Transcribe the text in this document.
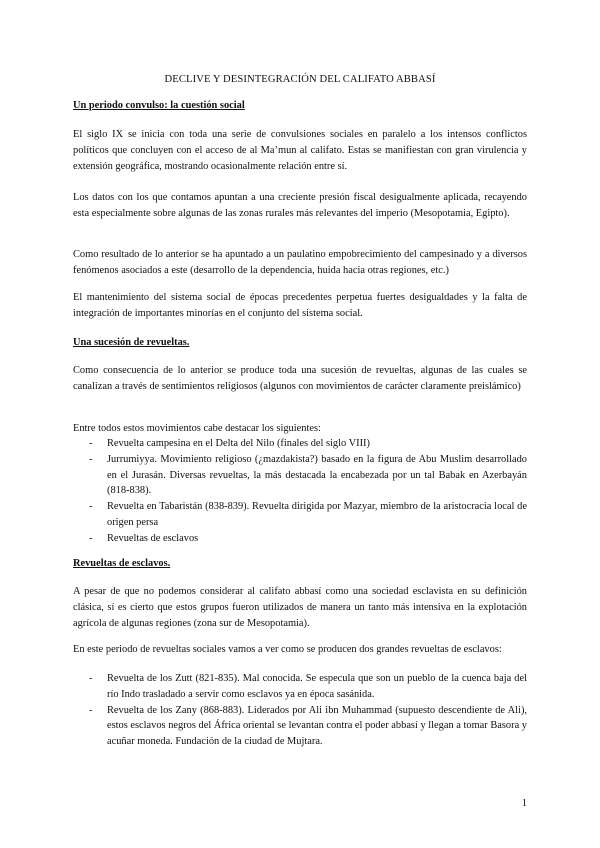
DECLIVE Y DESINTEGRACIÓN DEL CALIFATO ABBASÍ
Un periodo convulso: la cuestión social

El siglo IX se inicia con toda una serie de convulsiones sociales en paralelo a los intensos conflictos políticos que concluyen con el acceso de al Ma’mun al califato. Estas se manifiestan con gran virulencia y extensión geográfica, mostrando ocasionalmente relación entre sí.

Los datos con los que contamos apuntan a una creciente presión fiscal desigualmente aplicada, recayendo esta especialmente sobre algunas de las zonas rurales más relevantes del imperio (Mesopotamia, Egipto).

Como resultado de lo anterior se ha apuntado a un paulatino empobrecimiento del campesinado y a diversos fenómenos asociados a este (desarrollo de la dependencia, huida hacia otras regiones, etc.)

El mantenimiento del sistema social de épocas precedentes perpetua fuertes desigualdades y la falta de integración de importantes minorías en el conjunto del sistema social.

Una sucesión de revueltas.

Como consecuencia de lo anterior se produce toda una sucesión de revueltas, algunas de las cuales se canalizan a través de sentimientos religiosos (algunos con movimientos de carácter claramente preislámico)

Entre todos estos movimientos cabe destacar los siguientes:

- Revuelta campesina en el Delta del Nilo (finales del siglo VIII)
- Jurrumiyya. Movimiento religioso (¿mazdakista?) basado en la figura de Abu Muslim desarrollado en el Jurasán. Diversas revueltas, la más destacada la encabezada por un tal Babak en Azerbayán (818-838).
- Revuelta en Tabaristán (838-839). Revuelta dirigida por Mazyar, miembro de la aristocracia local de origen persa
- Revueltas de esclavos
Revueltas de esclavos.

A pesar de que no podemos considerar al califato abbasí como una sociedad esclavista en su definición clásica, sí es cierto que estos grupos fueron utilizados de manera un tanto más intensiva en la explotación agrícola de algunas regiones (zona sur de Mesopotamia).

En este periodo de revueltas sociales vamos a ver como se producen dos grandes revueltas de esclavos:

- Revuelta de los Zutt (821-835). Mal conocida. Se especula que son un pueblo de la cuenca baja del río Indo trasladado a servir como esclavos ya en época sasánida.
- Revuelta de los Zany (868-883). Liderados por Ali ibn Muhammad (supuesto descendiente de Ali), estos esclavos negros del África oriental se levantan contra el poder abbasí y llegan a tomar Basora y acuñar moneda. Fundación de la ciudad de Mujtara.
1
